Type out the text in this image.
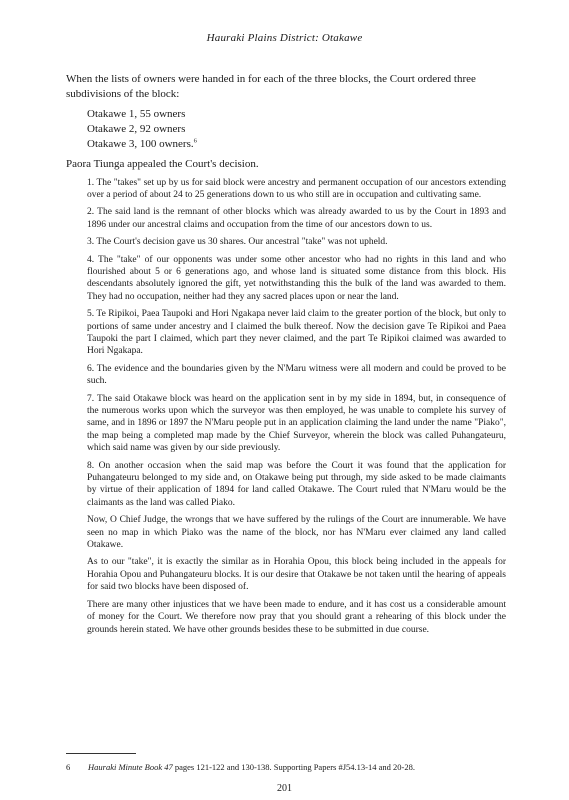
Hauraki Plains District: Otakawe

When the lists of owners were handed in for each of the three blocks, the Court ordered three subdivisions of the block:

Otakawe 1, 55 owners
Otakawe 2, 92 owners
Otakawe 3, 100 owners.$^6$

Paora Tiunga appealed the Court's decision.

1. The "takes" set up by us for said block were ancestry and permanent occupation of our ancestors extending over a period of about 24 to 25 generations down to us who still are in occupation and cultivating same.

2. The said land is the remnant of other blocks which was already awarded to us by the Court in 1893 and 1896 under our ancestral claims and occupation from the time of our ancestors down to us.

3. The Court's decision gave us 30 shares. Our ancestral "take" was not upheld.

4. The "take" of our opponents was under some other ancestor who had no rights in this land and who flourished about 5 or 6 generations ago, and whose land is situated some distance from this block. His descendants absolutely ignored the gift, yet notwithstanding this the bulk of the land was awarded to them. They had no occupation, neither had they any sacred places upon or near the land.

5. Te Ripikoi, Paea Taupoki and Hori Ngakapa never laid claim to the greater portion of the block, but only to portions of same under ancestry and I claimed the bulk thereof. Now the decision gave Te Ripikoi and Paea Taupoki the part I claimed, which part they never claimed, and the part Te Ripikoi claimed was awarded to Hori Ngakapa.

6. The evidence and the boundaries given by the N'Maru witness were all modern and could be proved to be such.

7. The said Otakawe block was heard on the application sent in by my side in 1894, but, in consequence of the numerous works upon which the surveyor was then employed, he was unable to complete his survey of same, and in 1896 or 1897 the N'Maru people put in an application claiming the land under the name "Piako", the map being a completed map made by the Chief Surveyor, wherein the block was called Puhangateuru, which said name was given by our side previously.

8. On another occasion when the said map was before the Court it was found that the application for Puhangateuru belonged to my side and, on Otakawe being put through, my side asked to be made claimants by virtue of their application of 1894 for land called Otakawe. The Court ruled that N'Maru would be the claimants as the land was called Piako.

Now, O Chief Judge, the wrongs that we have suffered by the rulings of the Court are innumerable. We have seen no map in which Piako was the name of the block, nor has N'Maru ever claimed any land called Otakawe.

As to our "take", it is exactly the similar as in Horahia Opou, this block being included in the appeals for Horahia Opou and Puhangateuru blocks. It is our desire that Otakawe be not taken until the hearing of appeals for said two blocks have been disposed of.

There are many other injustices that we have been made to endure, and it has cost us a considerable amount of money for the Court. We therefore now pray that you should grant a rehearing of this block under the grounds herein stated. We have other grounds besides these to be submitted in due course.

6 Hauraki Minute Book 47 pages 121-122 and 130-138. Supporting Papers #J54.13-14 and 20-28.
201
